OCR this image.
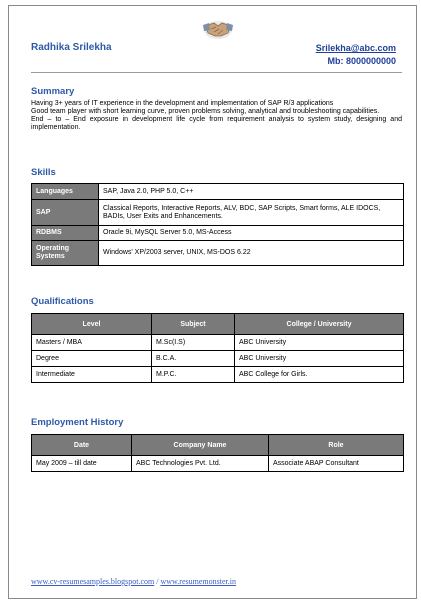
Radhika Srilekha	Srilekha@abc.com
Mb: 8000000000
Summary

Having 3+ years of IT experience in the development and implementation of SAP R/3 applications

Good team player with short learning curve, proven problems solving, analytical and troubleshooting capabilities.

End – to – End exposure in development life cycle from requirement analysis to system study, designing and implementation.

Skills
Languages	SAP, Java 2.0, PHP 5.0, C++
SAP	Classical Reports, Interactive Reports, ALV, BDC, SAP Scripts, Smart forms, ALE IDOCS, BADIs, User Exits and Enhancements.
RDBMS	Oracle 9i, MySQL Server 5.0, MS-Access
Operating Systems	Windows' XP/2003 server, UNIX, MS-DOS 6.22
Qualifications
Level	Subject	College / University
Masters / MBA	M.Sc(I.S)	ABC University
Degree	B.C.A.	ABC University
Intermediate	M.P.C.	ABC College for Girls.
Employment History
Date	Company Name	Role
May 2009 – till date	ABC Technologies Pvt. Ltd.	Associate ABAP Consultant
www.cv-resumesamples.blogspot.com / www.resumemonster.in
